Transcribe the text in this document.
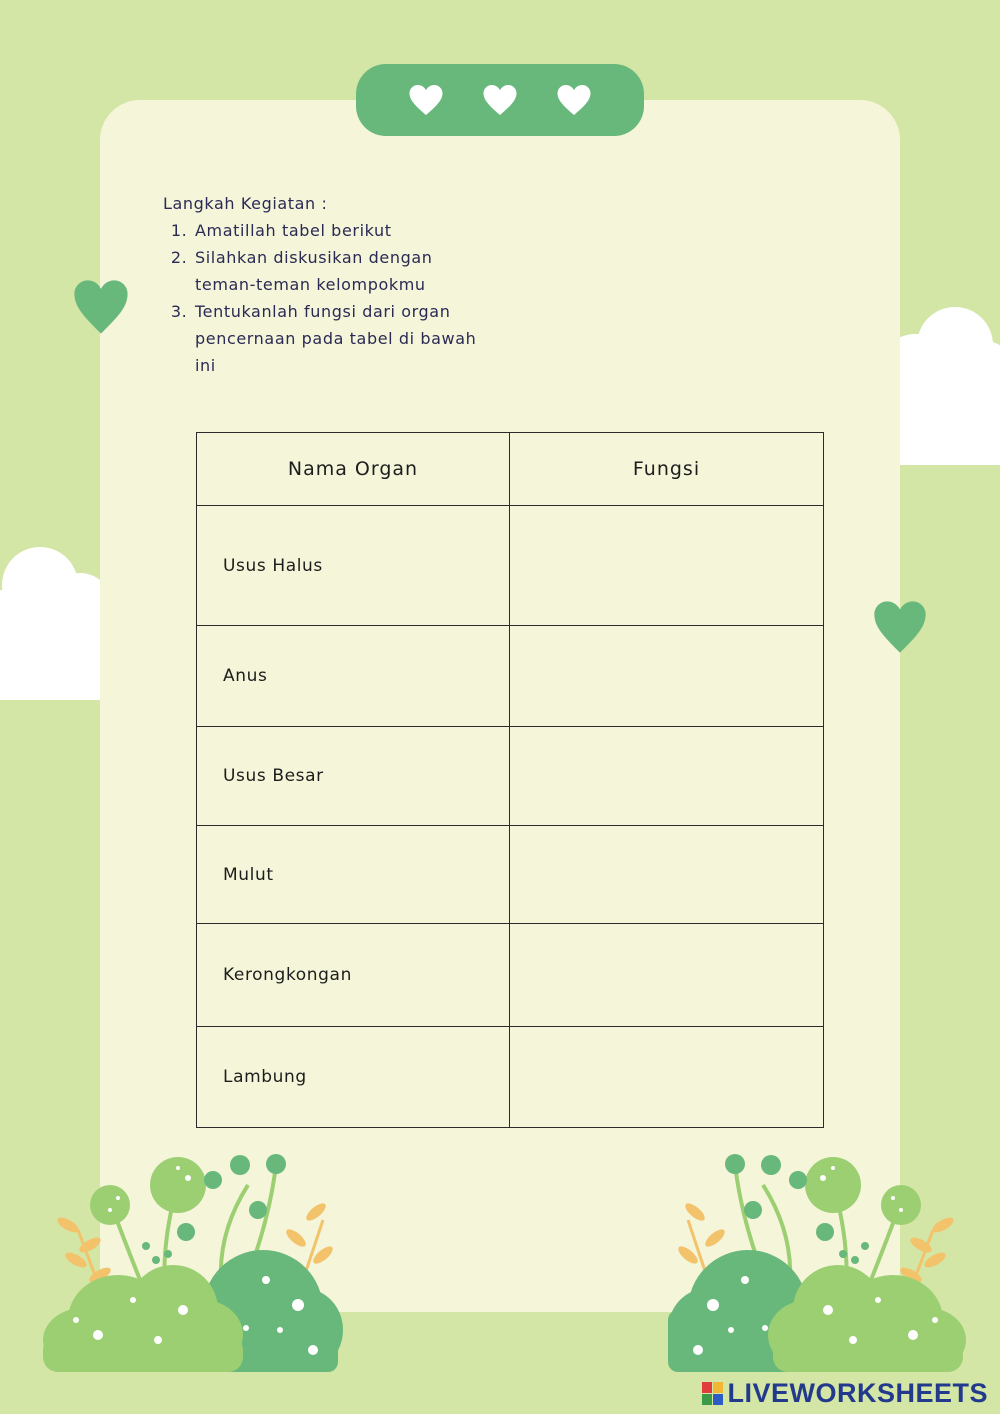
Langkah Kegiatan :
1. Amatillah tabel berikut
2. Silahkan diskusikan dengan teman-teman kelompokmu
3. Tentukanlah fungsi dari organ pencernaan pada tabel di bawah ini
Nama Organ	Fungsi
Usus Halus	
Anus	
Usus Besar	
Mulut	
Kerongkongan	
Lambung	
LIVEWORKSHEETS
